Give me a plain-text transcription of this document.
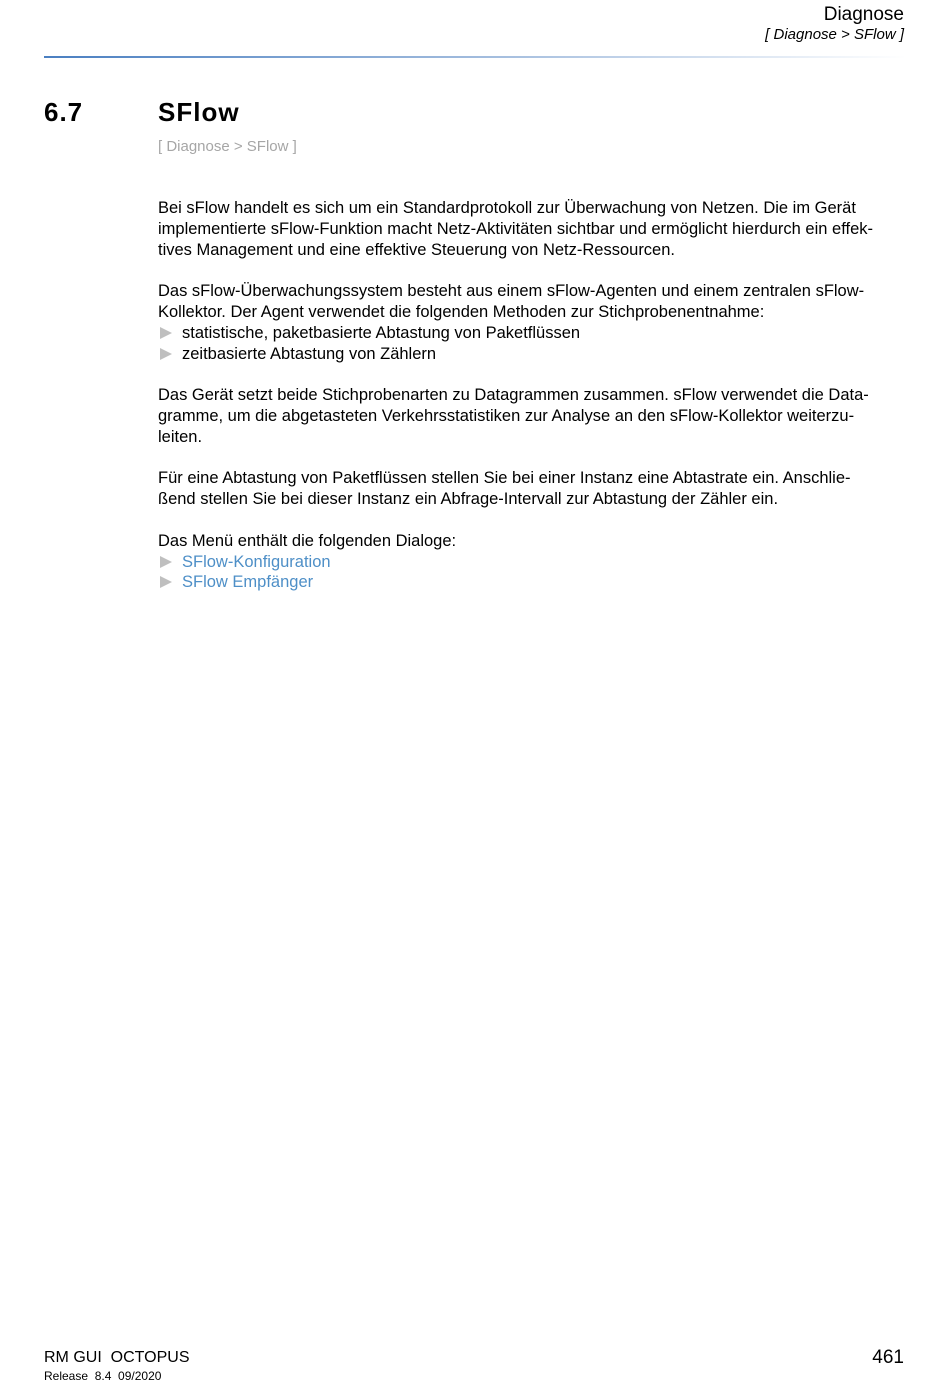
Diagnose
[ Diagnose > SFlow ]
6.7	SFlow
[ Diagnose > SFlow ]

Bei sFlow handelt es sich um ein Standardprotokoll zur Überwachung von Netzen. Die im Gerät
implementierte sFlow-Funktion macht Netz-Aktivitäten sichtbar und ermöglicht hierdurch ein effek-
tives Management und eine effektive Steuerung von Netz-Ressourcen.

Das sFlow-Überwachungssystem besteht aus einem sFlow-Agenten und einem zentralen sFlow-
Kollektor. Der Agent verwendet die folgenden Methoden zur Stichprobenentnahme:

statistische, paketbasierte Abtastung von Paketflüssen
zeitbasierte Abtastung von Zählern

Das Gerät setzt beide Stichprobenarten zu Datagrammen zusammen. sFlow verwendet die Data-
gramme, um die abgetasteten Verkehrsstatistiken zur Analyse an den sFlow-Kollektor weiterzu-
leiten.

Für eine Abtastung von Paketflüssen stellen Sie bei einer Instanz eine Abtastrate ein. Anschlie-
ßend stellen Sie bei dieser Instanz ein Abfrage-Intervall zur Abtastung der Zähler ein.

Das Menü enthält die folgenden Dialoge:

SFlow-Konfiguration
SFlow Empfänger
RM GUI  OCTOPUS
Release  8.4  09/2020
461
